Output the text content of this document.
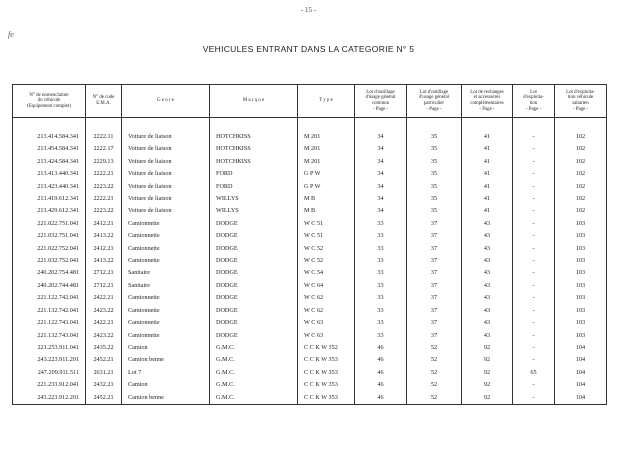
- 15 -
fe
VEHICULES ENTRANT DANS LA CATEGORIE N° 5
N° de nomenclature
du véhicule
(Equipement complet)	N° de code
E.M.A.	G e n r e	M a r q u e	T y p e	Lot d'outillage
d'usage général
commun
- Page -	Lot d'outillage
d'usage général
particulier
- Page -	Lot de rechanges
et accessoires
complémentaires
- Page -	Lot
d'exploita-
tion
- Page -	Lot d'exploita-
tion véhicule
saharien
- Page -

213.414.584.341	2222.11	Voiture de liaison	HOTCHKISS	M 201	34	35	41	-	102
213.454.584.341	2222.17	Voiture de liaison	HOTCHKISS	M 201	34	35	41	-	102
213.424.584.341	2229.13	Voiture de liaison	HOTCHKISS	M 201	34	35	41	-	102
213.413.440.341	2222.21	Voiture de liaison	FORD	G P W	34	35	41	-	102
213.423.440.341	2223.22	Voiture de liaison	FORD	G P W	34	35	41	-	102
213.419.612.341	2222.21	Voiture de liaison	WILLYS	M B	34	35	41	-	102
213.429.612.341	2223.22	Voiture de liaison	WILLYS	M B	34	35	41	-	102
221.022.751.041	2412.21	Camionnette	DODGE	W C 51	33	37	43	-	103
221.032.751.041	2413.22	Camionnette	DODGE	W C 51	33	37	43	-	103
221.022.752.041	2412.21	Camionnette	DODGE	W C 52	33	37	43	-	103
221.032.752.041	2413.22	Camionnette	DODGE	W C 52	33	37	43	-	103
240.202.754.481	2712.21	Sanitaire	DODGE	W C 54	33	37	43	-	103
240.202.744.481	2712.21	Sanitaire	DODGE	W C 64	33	37	43	-	103
221.122.742.041	2422.21	Camionnette	DODGE	W C 62	33	37	43	-	103
221.132.742.041	2423.22	Camionnette	DODGE	W C 62	33	37	43	-	103
221.122.743.041	2422.21	Camionnette	DODGE	W C 63	33	37	43	-	103
221.132.743.041	2423.22	Camionnette	DODGE	W C 63	33	37	43	-	103
221.253.911.041	2435.22	Camion	G.M.C.	C C K W 352	46	52	92	-	104
243.223.911.201	2452.21	Camion benne	G.M.C.	C C K W 353	46	52	92	-	104
247.209.911.511	2631.21	Lot 7	G.M.C.	C C K W 353	46	52	92	65	104
221.233.912.041	2432.21	Camion	G.M.C.	C C K W 353	46	52	92	-	104
243.223.912.201	2452.21	Camion benne	G.M.C.	C C K W 353	46	52	92	-	104
